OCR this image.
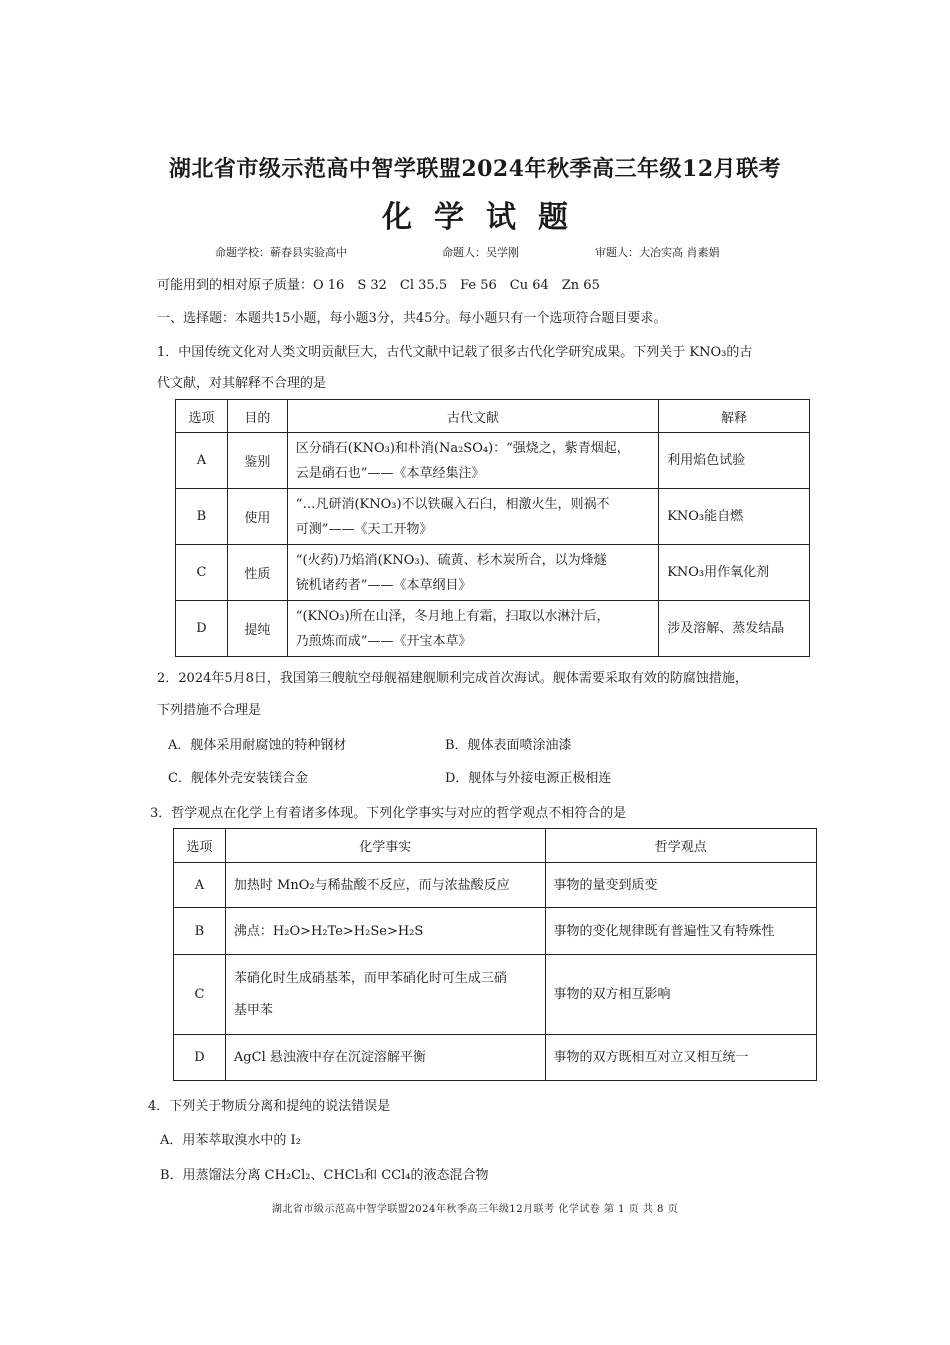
湖北省市级示范高中智学联盟2024年秋季高三年级12月联考
化学试题
命题学校：蕲春县实验高中	命题人：吴学刚	审题人：大冶实高 肖素娟
可能用到的相对原子质量：O 16　S 32　Cl 35.5　Fe 56　Cu 64　Zn 65
一、选择题：本题共15小题，每小题3分，共45分。每小题只有一个选项符合题目要求。
1．中国传统文化对人类文明贡献巨大，古代文献中记载了很多古代化学研究成果。下列关于 KNO₃的古
代文献，对其解释不合理的是
选项	目的	古代文献	解释
A	鉴别	区分硝石(KNO₃)和朴消(Na₂SO₄)：“强烧之，紫青烟起，
云是硝石也”——《本草经集注》	利用焰色试验
B	使用	“…凡研消(KNO₃)不以铁碾入石臼，相激火生，则祸不
可测”——《天工开物》	KNO₃能自燃
C	性质	“(火药)乃焰消(KNO₃)、硫黄、杉木炭所合，以为烽燧
铳机诸药者”——《本草纲目》	KNO₃用作氧化剂
D	提纯	“(KNO₃)所在山泽，冬月地上有霜，扫取以水淋汁后，
乃煎炼而成”——《开宝本草》	涉及溶解、蒸发结晶
2．2024年5月8日，我国第三艘航空母舰福建舰顺利完成首次海试。舰体需要采取有效的防腐蚀措施，
下列措施不合理是
A．舰体采用耐腐蚀的特种钢材	B．舰体表面喷涂油漆
C．舰体外壳安装镁合金	D．舰体与外接电源正极相连
3．哲学观点在化学上有着诸多体现。下列化学事实与对应的哲学观点不相符合的是
选项	化学事实	哲学观点
A	加热时 MnO₂与稀盐酸不反应，而与浓盐酸反应	事物的量变到质变
B	沸点：H₂O>H₂Te>H₂Se>H₂S	事物的变化规律既有普遍性又有特殊性
C	苯硝化时生成硝基苯，而甲苯硝化时可生成三硝
基甲苯	事物的双方相互影响
D	AgCl 悬浊液中存在沉淀溶解平衡	事物的双方既相互对立又相互统一
4．下列关于物质分离和提纯的说法错误是
A．用苯萃取溴水中的 I₂
B．用蒸馏法分离 CH₂Cl₂、CHCl₃和 CCl₄的液态混合物
湖北省市级示范高中智学联盟2024年秋季高三年级12月联考 化学试卷 第 1 页 共 8 页
